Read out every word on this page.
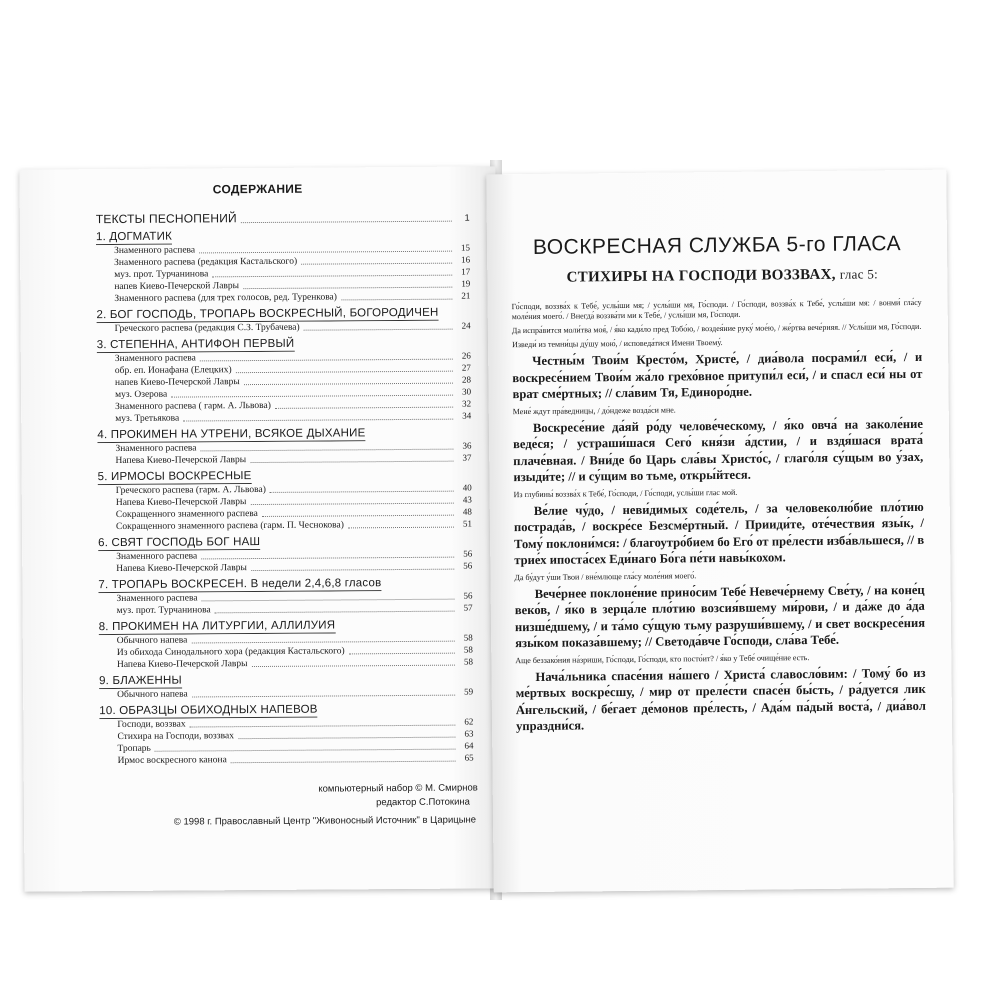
СОДЕРЖАНИЕ
ТЕКСТЫ ПЕСНОПЕНИЙ	1
1. ДОГМАТИК
Знаменного распева	15
Знаменного распева (редакция Кастальского)	16
муз. прот. Турчанинова	17
напев Киево-Печерской Лавры	19
Знаменного распева (для трех голосов, ред. Туренкова)	21
2. БОГ ГОСПОДЬ, ТРОПАРЬ ВОСКРЕСНЫЙ, БОГОРОДИЧЕН
Греческого распева (редакция С.З. Трубачева)	24
3. СТЕПЕННА, АНТИФОН ПЕРВЫЙ
Знаменного распева	26
обр. еп. Ионафана (Елецких)	27
напев Киево-Печерской Лавры	28
муз. Озерова	30
Знаменного распева ( гарм. А. Львова)	32
муз. Третьякова	34
4. ПРОКИМЕН НА УТРЕНИ, ВСЯКОЕ ДЫХАНИЕ
Знаменного распева	36
Напева Киево-Печерской Лавры	37
5. ИРМОСЫ ВОСКРЕСНЫЕ
Греческого распева (гарм. А. Львова)	40
Напева Киево-Печерской Лавры	43
Сокращенного знаменного распева	48
Сокращенного знаменного распева (гарм. П. Чеснокова)	51
6. СВЯТ ГОСПОДЬ БОГ НАШ
Знаменного распева	56
Напева Киево-Печерской Лавры	56
7. ТРОПАРЬ ВОСКРЕСЕН. В недели 2,4,6,8 гласов
Знаменного распева	56
муз. прот. Турчанинова	57
8. ПРОКИМЕН НА ЛИТУРГИИ, АЛЛИЛУИЯ
Обычного напева	58
Из обихода Синодального хора (редакция Кастальского)	58
Напева Киево-Печерской Лавры	58
9. БЛАЖЕННЫ
Обычного напева	59
10. ОБРАЗЦЫ ОБИХОДНЫХ НАПЕВОВ
Господи, воззвах	62
Стихира на Господи, воззвах	63
Тропарь	64
Ирмос воскресного канона	65
компьютерный набор © М. Смирнов
редактор С.Потокина
© 1998 г. Православный Центр "Живоносный Источник" в Царицыне
ВОСКРЕСНАЯ СЛУЖБА 5-го ГЛАСА
СТИХИРЫ НА ГОСПОДИ ВОЗЗВАХ, глас 5:
Го́споди, воззва́х к Тебе́, услы́ши мя; / услы́ши мя, Го́споди. / Го́споди, воззва́х к Тебе́, услы́ши мя: / вонми́ гла́су моле́ния моего́. / Внегда́ воззва́ти ми к Тебе́, / услы́ши мя, Го́споди.
Да испра́вится моли́тва моя́, / я́ко кади́ло пред Тобо́ю, / воздея́ние руку́ мое́ю, / же́ртва вече́рняя. // Услы́ши мя, Го́споди.
Изведи́ из темни́цы ду́шу мою́, / исповеда́тися Имени Твоему́.
Честны́м Твои́м Кресто́м, Христе́, / диа́вола посрами́л еси́, / и воскресе́нием Твои́м жа́ло грехо́вное притупи́л еси́, / и спасл еси́ ны от врат сме́ртных; // сла́вим Тя, Единоро́дне.
Мене́ ждут пра́ведницы, / до́ндеже возда́си мне.
Воскресе́ние да́яй ро́ду челове́ческому, / я́ко овча́ на заколе́ние веде́ся; / устраши́шася Сего́ кня́зи а́дстии, / и вздя́шася врата́ плаче́вная. / Вни́де бо Царь сла́вы Христо́с, / глаго́ля су́щым во у́зах, изыди́те; // и су́щим во тьме, откры́йтеся.
Из глубины́ воззва́х к Тебе́, Го́споди, / Го́споди, услы́ши глас мой.
Ве́лие чу́до, / неви́димых соде́тель, / за человеколю́бие пло́тию пострада́в, / воскре́се Безсме́ртный. / Прииди́те, оте́чествия язы́к, / Тому́ поклони́мся: / благоутро́бием бо Его́ от пре́лести изба́вльшеся, // в трие́х ипоста́сех Еди́наго Бо́га пе́ти навы́кохом.
Да бу́дут у́ши Твои / вне́млюще гла́су моле́ния моего́.
Вече́рнее поклоне́ние прино́сим Тебе́ Невече́рнему Све́ту, / на коне́ц веко́в, / я́ко в зерца́ле пло́тию возсия́вшему ми́рови, / и да́же до а́да низше́дшему, / и та́мо су́щую тьму разруши́вшему, / и свет воскресе́ния язы́ком показа́вшему; // Светода́вче Го́споди, сла́ва Тебе́.
Аще беззако́ния на́зриши, Го́споди, Го́споди, кто посто́ит? / я́ко у Тебе́ очище́ние есть.
Нача́льника спасе́ния на́шего / Христа́ славосло́вим: / Тому́ бо из ме́ртвых воскре́сшу, / мир от преле́сти спасе́н бы́сть, / ра́дуется лик А́нгельский, / бе́гает де́монов пре́лесть, / Ада́м па́дый воста́, / диа́вол упраздни́ся.
